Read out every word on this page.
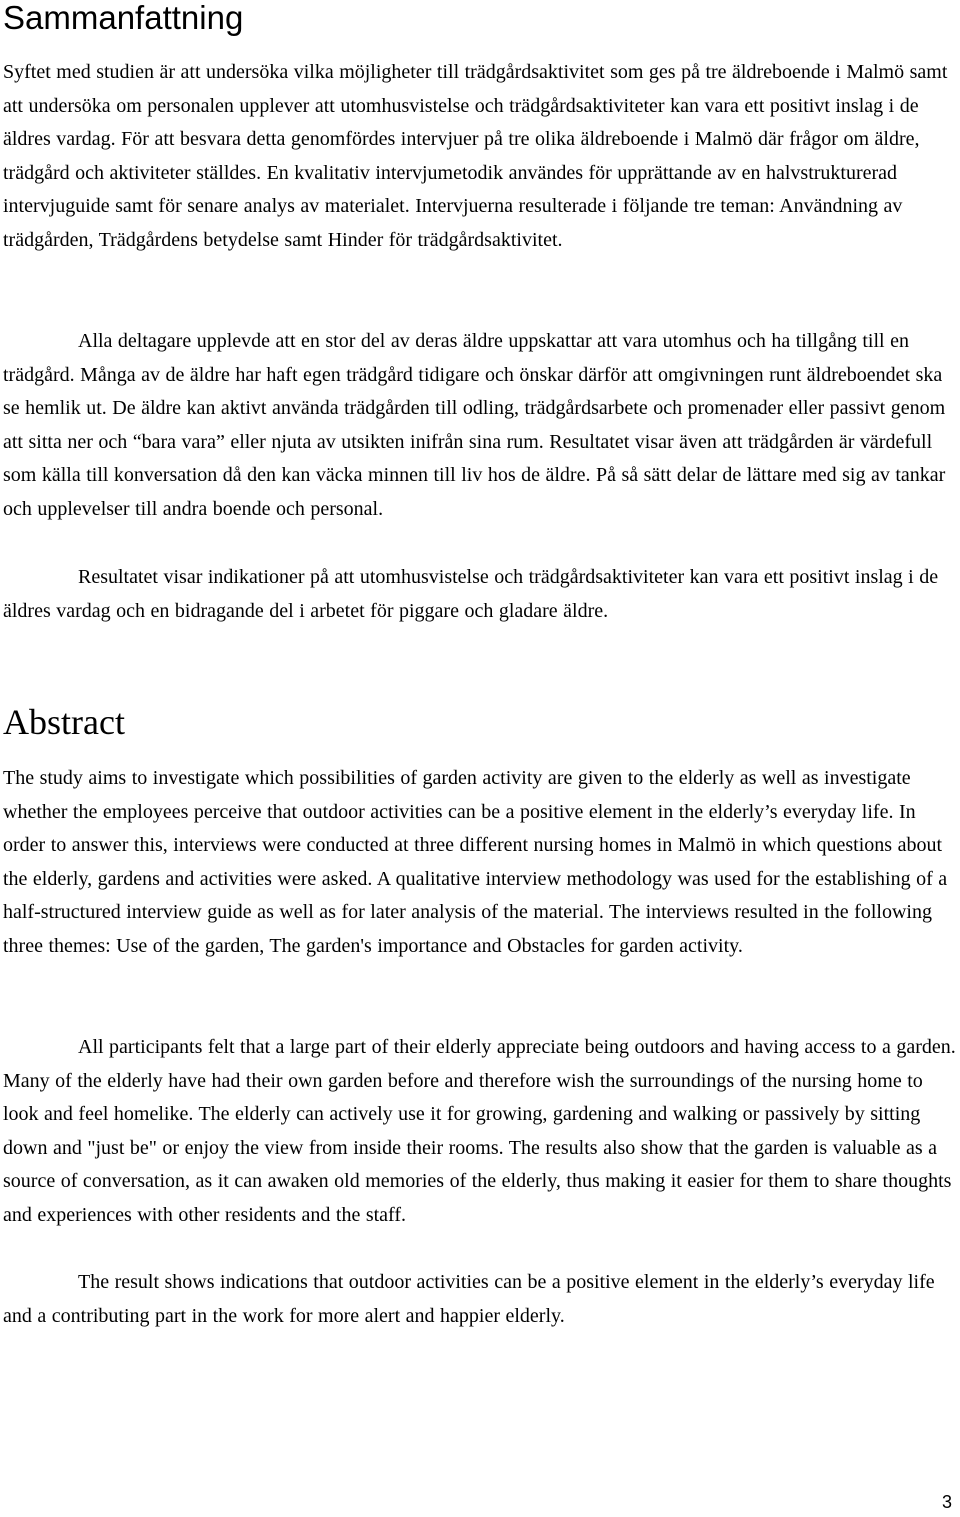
Sammanfattning

Syftet med studien är att undersöka vilka möjligheter till trädgårdsaktivitet som ges på tre äldreboende i Malmö samt att undersöka om personalen upplever att utomhusvistelse och trädgårdsaktiviteter kan vara ett positivt inslag i de äldres vardag. För att besvara detta genomfördes intervjuer på tre olika äldreboende i Malmö där frågor om äldre, trädgård och aktiviteter ställdes. En kvalitativ intervjumetodik användes för upprättande av en halvstrukturerad intervjuguide samt för senare analys av materialet. Intervjuerna resulterade i följande tre teman: Användning av trädgården, Trädgårdens betydelse samt Hinder för trädgårdsaktivitet.

Alla deltagare upplevde att en stor del av deras äldre uppskattar att vara utomhus och ha tillgång till en trädgård. Många av de äldre har haft egen trädgård tidigare och önskar därför att omgivningen runt äldreboendet ska se hemlik ut. De äldre kan aktivt använda trädgården till odling, trädgårdsarbete och promenader eller passivt genom att sitta ner och “bara vara” eller njuta av utsikten inifrån sina rum. Resultatet visar även att trädgården är värdefull som källa till konversation då den kan väcka minnen till liv hos de äldre. På så sätt delar de lättare med sig av tankar och upplevelser till andra boende och personal.

Resultatet visar indikationer på att utomhusvistelse och trädgårdsaktiviteter kan vara ett positivt inslag i de äldres vardag och en bidragande del i arbetet för piggare och gladare äldre.

Abstract

The study aims to investigate which possibilities of garden activity are given to the elderly as well as investigate whether the employees perceive that outdoor activities can be a positive element in the elderly’s everyday life. In order to answer this, interviews were conducted at three different nursing homes in Malmö in which questions about the elderly, gardens and activities were asked. A qualitative interview methodology was used for the establishing of a half-structured interview guide as well as for later analysis of the material. The interviews resulted in the following three themes: Use of the garden, The garden's importance and Obstacles for garden activity.

All participants felt that a large part of their elderly appreciate being outdoors and having access to a garden. Many of the elderly have had their own garden before and therefore wish the surroundings of the nursing home to look and feel homelike. The elderly can actively use it for growing, gardening and walking or passively by sitting down and "just be" or enjoy the view from inside their rooms. The results also show that the garden is valuable as a source of conversation, as it can awaken old memories of the elderly, thus making it easier for them to share thoughts and experiences with other residents and the staff.

The result shows indications that outdoor activities can be a positive element in the elderly’s everyday life and a contributing part in the work for more alert and happier elderly.

3
